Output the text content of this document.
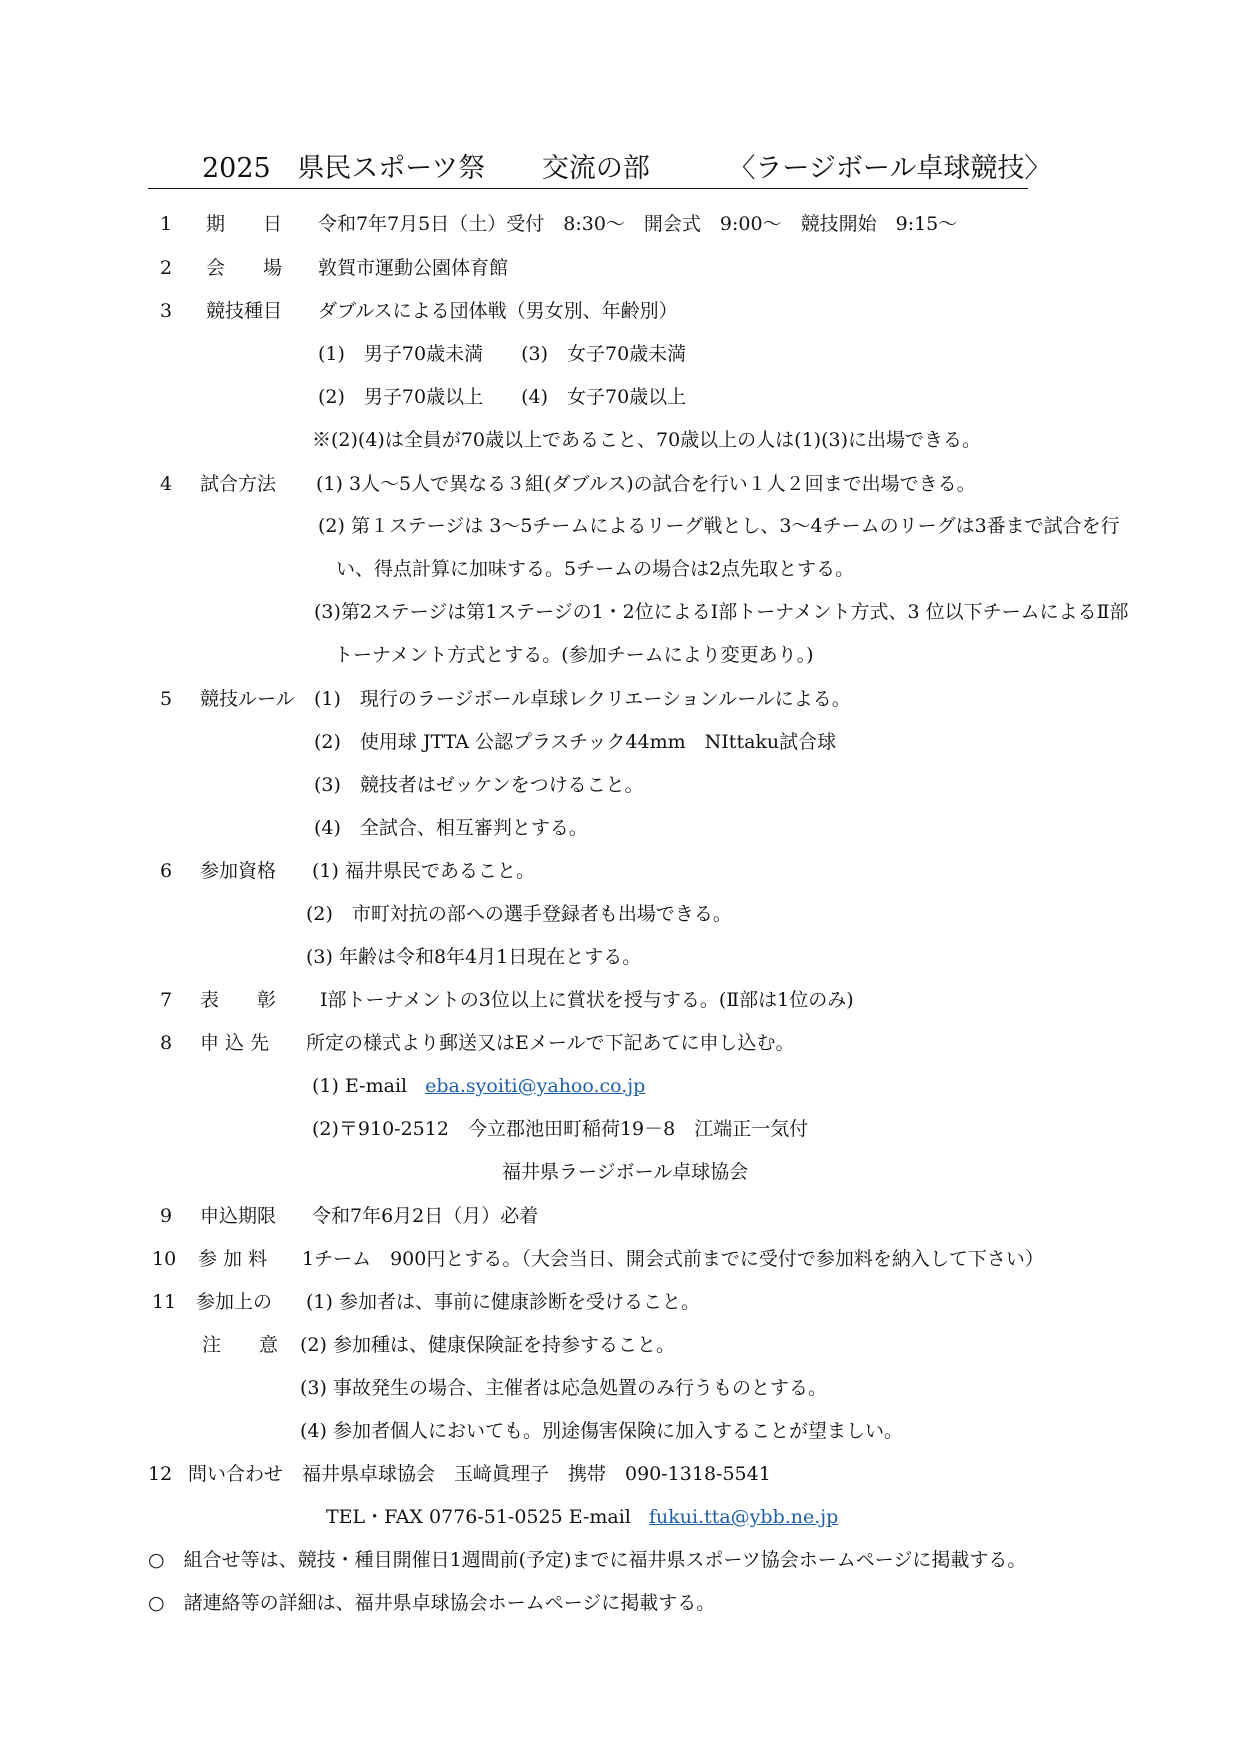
2025 県民スポーツ祭 交流の部	〈ラージボール卓球競技〉
1 期　　日 令和7年7月5日（土）受付　8:30～　開会式　9:00～　競技開始　9:15～
2 会　　場 敦賀市運動公園体育館
3 競技種目 ダブルスによる団体戦（男女別、年齢別）
(1)　男子70歳未満　　(3)　女子70歳未満
(2)　男子70歳以上　　(4)　女子70歳以上
※(2)(4)は全員が70歳以上であること、70歳以上の人は(1)(3)に出場できる。
4 試合方法 (1) 3人～5人で異なる３組(ダブルス)の試合を行い１人２回まで出場できる。
(2) 第１ステージは 3～5チームによるリーグ戦とし、3～4チームのリーグは3番まで試合を行
い、得点計算に加味する。5チームの場合は2点先取とする。
(3)第2ステージは第1ステージの1・2位によるⅠ部トーナメント方式、3 位以下チームによるⅡ部
トーナメント方式とする。(参加チームにより変更あり。)
5 競技ルール (1)　現行のラージボール卓球レクリエーションルールによる。
(2)　使用球 JTTA 公認プラスチック44mm　NIttaku試合球
(3)　競技者はゼッケンをつけること。
(4)　全試合、相互審判とする。
6 参加資格 (1) 福井県民であること。
(2)　市町対抗の部への選手登録者も出場できる。
(3) 年齢は令和8年4月1日現在とする。
7 表　　彰 Ⅰ部トーナメントの3位以上に賞状を授与する。(Ⅱ部は1位のみ)
8 申 込 先 所定の様式より郵送又はEメールで下記あてに申し込む。
(1) E-mail eba.syoiti@yahoo.co.jp
(2)〒910-2512　今立郡池田町稲荷19－8　江端正一気付
福井県ラージボール卓球協会
9 申込期限 令和7年6月2日（月）必着
10 参 加 料 1チーム　900円とする。（大会当日、開会式前までに受付で参加料を納入して下さい）
11 参加上の (1) 参加者は、事前に健康診断を受けること。
注　　意 (2) 参加種は、健康保険証を持参すること。
(3) 事故発生の場合、主催者は応急処置のみ行うものとする。
(4) 参加者個人においても。別途傷害保険に加入することが望ましい。
12 問い合わせ 福井県卓球協会　玉﨑眞理子　携帯　090-1318-5541
TEL・FAX 0776-51-0525 E-mail fukui.tta@ybb.ne.jp
○　組合せ等は、競技・種目開催日1週間前(予定)までに福井県スポーツ協会ホームページに掲載する。
○　諸連絡等の詳細は、福井県卓球協会ホームページに掲載する。
